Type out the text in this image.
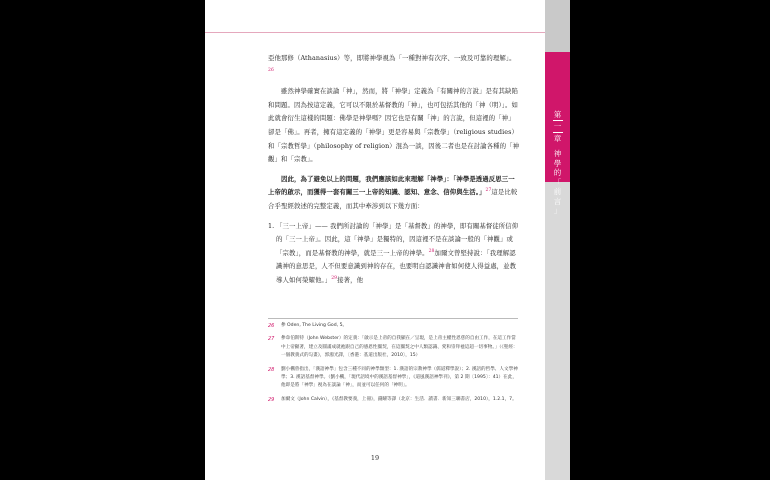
第
一
章
神
學
的
「
前
言
」

亞他那修（Athanasius）等，即將神學視為「一種對神有次序、一致及可靠的理解」。$^{26}$

雖然神學確實在談論「神」，然而，將「神學」定義為「有關神的言說」是有其缺陷和問題。因為按這定義，它可以不限於基督教的「神」，也可包括其他的「神（明）」。如此就會衍生這樣的問題：佛學是神學嗎？因它也是有關「神」的言說，但這裡的「神」卻是「佛」。再者，擁有這定義的「神學」更是容易與「宗教學」（religious studies）和「宗教哲學」（philosophy of religion）混為一談，因後二者也是在討論各種的「神觀」和「宗教」。

因此，為了避免以上的問題，我們應該如此來理解「神學」：「神學是透過反思三一上帝的啟示，而獲得一套有關三一上帝的知識、認知、意念、信仰與生活。」$^{27}$這是比較合乎聖經敘述的完整定義，而其中牽涉到以下幾方面：

1. 「三一上帝」—— 我們所討論的「神學」是「基督教」的神學，即有關基督徒所信仰的「三一上帝」。因此，這「神學」是獨特的，因這裡不是在談論一般的「神觀」或「宗教」，而是基督教的神學，就是三一上帝的神學。$^{28}$加爾文曾堅持說：「我理解認識神的意思是，人不但要意識到神的存在，也要明白認識神會如何使人得益處，並教導人如何榮耀他。」$^{29}$接著，他
26	參 Oden, The Living God, 5。
27	參韋伯斯特（John Webster）的定義：「啟示是上帝的自我顯在／呈現，是上帝主權性恩慈的自由工作，在這工作當中上帝顯著，建立及圓滿成就祂跟自己的感恩性團契，在這團契之中人類認識、愛和崇拜祂這超一切事物。」（《聖經：一個教義式的勾畫》，郭鴻光譯，〔香港：基道出版社，2010〕，15）
28	劉小楓曾指出，「漢語神學」包含三種不同的神學類型：1. 漢語的宗教神學（儒道釋學說）；2. 漢語的哲學、人文學神學；3. 漢語基督神學。（劉小楓，「現代語境中的漢語基督神學」，《道風漢語神學刊》，第 2 期〔1995〕：41）在此，他即是將「神學」視為在談論「神」，而並可以任何的「神明」。
29	加爾文（John Calvin），《基督教要義，上冊》，錢曜等譯（北京：生活．讀書．新知三聯書店，2010），1.2.1，7。
19
